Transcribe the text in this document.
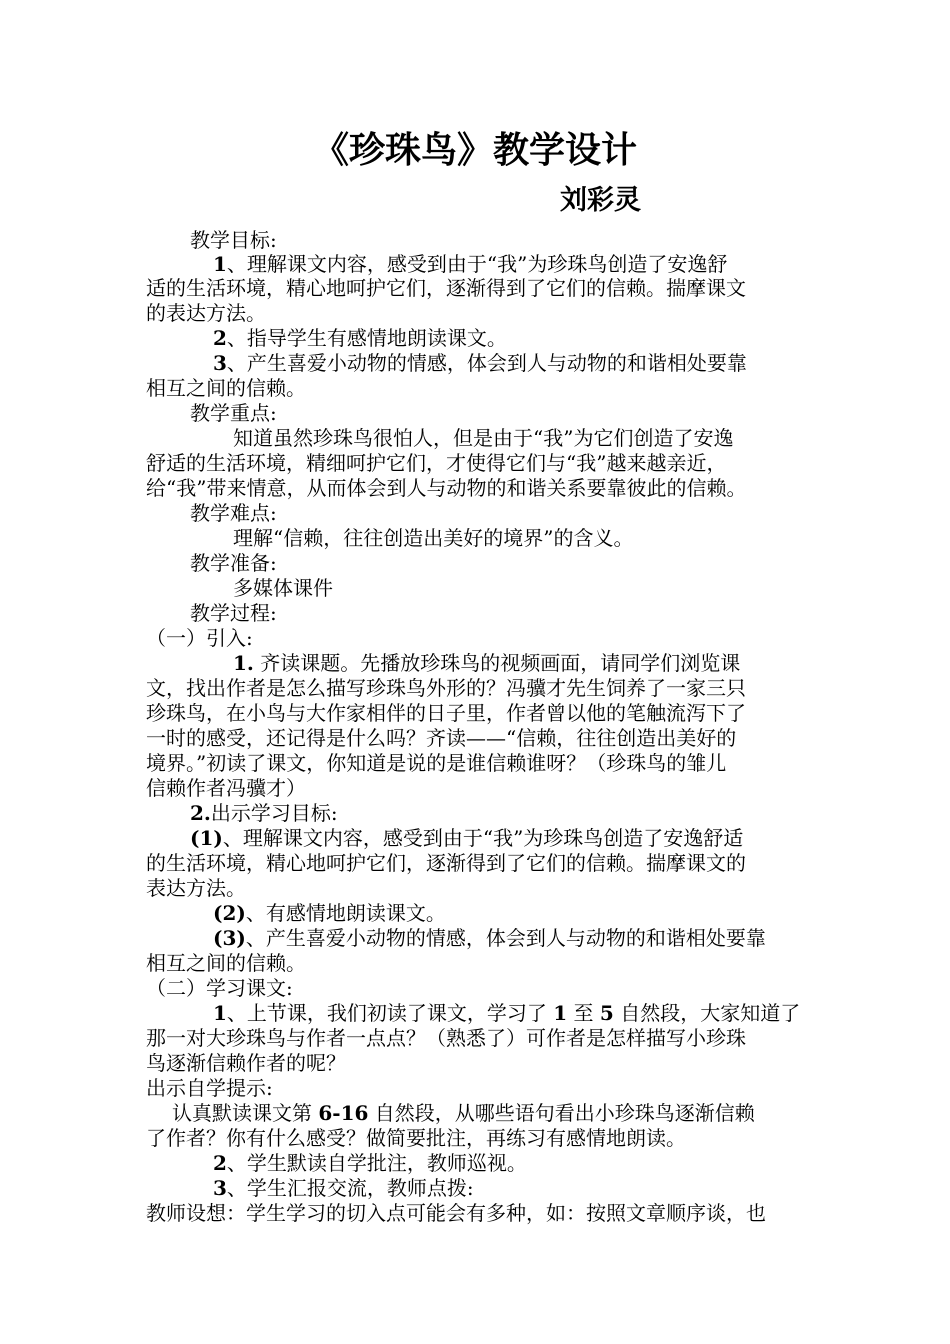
《珍珠鸟》教学设计
刘彩灵
教学目标:
1、理解课文内容，感受到由于“我”为珍珠鸟创造了安逸舒
适的生活环境，精心地呵护它们，逐渐得到了它们的信赖。揣摩课文
的表达方法。
2、指导学生有感情地朗读课文。
3、产生喜爱小动物的情感，体会到人与动物的和谐相处要靠
相互之间的信赖。
教学重点:
知道虽然珍珠鸟很怕人，但是由于“我”为它们创造了安逸
舒适的生活环境，精细呵护它们，才使得它们与“我”越来越亲近，
给“我”带来情意，从而体会到人与动物的和谐关系要靠彼此的信赖。
教学难点:
理解“信赖，往往创造出美好的境界”的含义。
教学准备:
多媒体课件
教学过程:
（一）引入:
1. 齐读课题。先播放珍珠鸟的视频画面，请同学们浏览课
文，找出作者是怎么描写珍珠鸟外形的？冯骥才先生饲养了一家三只
珍珠鸟，在小鸟与大作家相伴的日子里，作者曾以他的笔触流泻下了
一时的感受，还记得是什么吗？齐读——“信赖，往往创造出美好的
境界。”初读了课文，你知道是说的是谁信赖谁呀？（珍珠鸟的雏儿
信赖作者冯骥才）
2.出示学习目标:
(1)、理解课文内容，感受到由于“我”为珍珠鸟创造了安逸舒适
的生活环境，精心地呵护它们，逐渐得到了它们的信赖。揣摩课文的
表达方法。
(2)、有感情地朗读课文。
(3)、产生喜爱小动物的情感，体会到人与动物的和谐相处要靠
相互之间的信赖。
（二）学习课文:
1、上节课，我们初读了课文，学习了 1 至 5 自然段，大家知道了
那一对大珍珠鸟与作者一点点？（熟悉了）可作者是怎样描写小珍珠
鸟逐渐信赖作者的呢？
出示自学提示:
认真默读课文第 6-16 自然段，从哪些语句看出小珍珠鸟逐渐信赖
了作者？你有什么感受？做简要批注，再练习有感情地朗读。
2、学生默读自学批注，教师巡视。
3、学生汇报交流，教师点拨:
教师设想：学生学习的切入点可能会有多种，如：按照文章顺序谈，也
